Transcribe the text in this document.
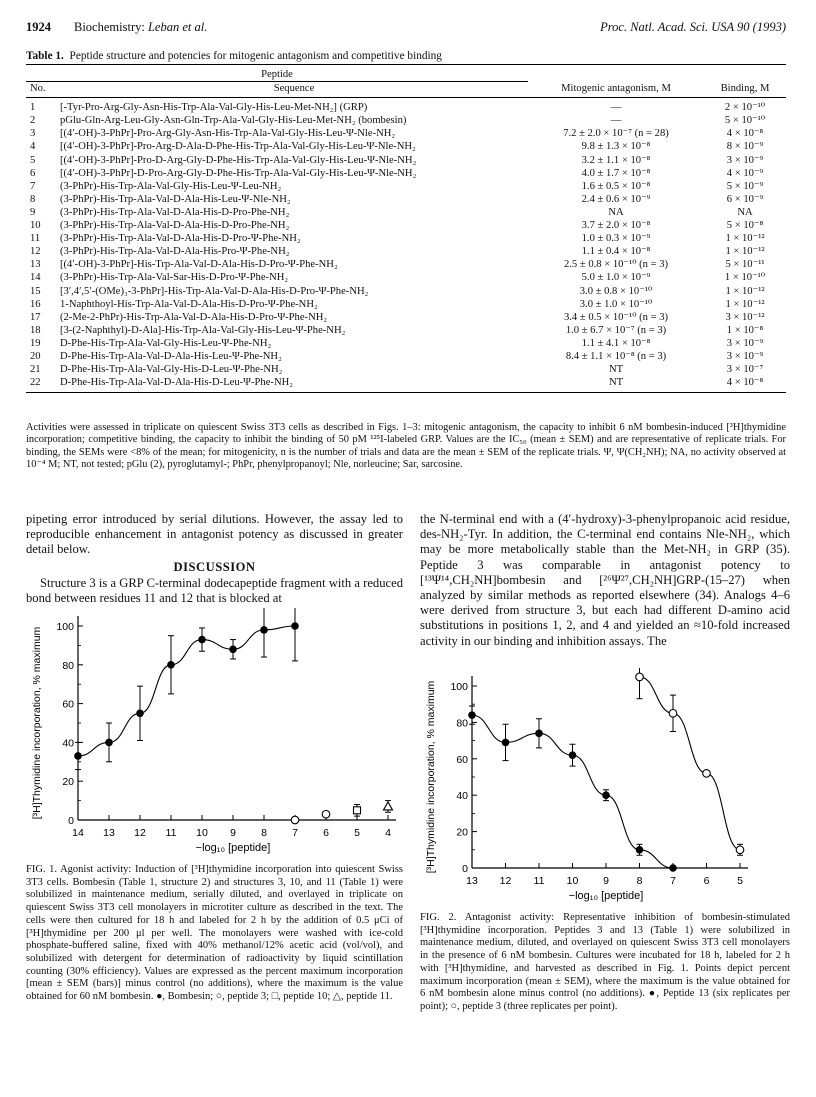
1924 Biochemistry: Leban et al.	Proc. Natl. Acad. Sci. USA 90 (1993)
Table 1. Peptide structure and potencies for mitogenic antagonism and competitive binding
Peptide			
No.	Sequence	Mitogenic antagonism, M	Binding, M
1	[-Tyr-Pro-Arg-Gly-Asn-His-Trp-Ala-Val-Gly-His-Leu-Met-NH₂] (GRP)	—	2 × 10⁻¹⁰
2	pGlu-Gln-Arg-Leu-Gly-Asn-Gln-Trp-Ala-Val-Gly-His-Leu-Met-NH₂ (bombesin)	—	5 × 10⁻¹⁰
3	[(4′-OH)-3-PhPr]-Pro-Arg-Gly-Asn-His-Trp-Ala-Val-Gly-His-Leu-Ψ-Nle-NH₂	7.2 ± 2.0 × 10⁻⁷ (n = 28)	4 × 10⁻⁸
4	[(4′-OH)-3-PhPr]-Pro-Arg-D-Ala-D-Phe-His-Trp-Ala-Val-Gly-His-Leu-Ψ-Nle-NH₂	9.8 ± 1.3 × 10⁻⁸	8 × 10⁻⁹
5	[(4′-OH)-3-PhPr]-Pro-D-Arg-Gly-D-Phe-His-Trp-Ala-Val-Gly-His-Leu-Ψ-Nle-NH₂	3.2 ± 1.1 × 10⁻⁸	3 × 10⁻⁹
6	[(4′-OH)-3-PhPr]-D-Pro-Arg-Gly-D-Phe-His-Trp-Ala-Val-Gly-His-Leu-Ψ-Nle-NH₂	4.0 ± 1.7 × 10⁻⁸	4 × 10⁻⁹
7	(3-PhPr)-His-Trp-Ala-Val-Gly-His-Leu-Ψ-Leu-NH₂	1.6 ± 0.5 × 10⁻⁸	5 × 10⁻⁹
8	(3-PhPr)-His-Trp-Ala-Val-D-Ala-His-Leu-Ψ-Nle-NH₂	2.4 ± 0.6 × 10⁻⁹	6 × 10⁻⁹
9	(3-PhPr)-His-Trp-Ala-Val-D-Ala-His-D-Pro-Phe-NH₂	NA	NA
10	(3-PhPr)-His-Trp-Ala-Val-D-Ala-His-D-Pro-Phe-NH₂	3.7 ± 2.0 × 10⁻⁸	5 × 10⁻⁸
11	(3-PhPr)-His-Trp-Ala-Val-D-Ala-His-D-Pro-Ψ-Phe-NH₂	1.0 ± 0.3 × 10⁻⁹	1 × 10⁻¹²
12	(3-PhPr)-His-Trp-Ala-Val-D-Ala-His-Pro-Ψ-Phe-NH₂	1.1 ± 0.4 × 10⁻⁸	1 × 10⁻¹²
13	[(4′-OH)-3-PhPr]-His-Trp-Ala-Val-D-Ala-His-D-Pro-Ψ-Phe-NH₂	2.5 ± 0.8 × 10⁻¹⁰ (n = 3)	5 × 10⁻¹¹
14	(3-PhPr)-His-Trp-Ala-Val-Sar-His-D-Pro-Ψ-Phe-NH₂	5.0 ± 1.0 × 10⁻⁹	1 × 10⁻¹⁰
15	[3′,4′,5′-(OMe)₃-3-PhPr]-His-Trp-Ala-Val-D-Ala-His-D-Pro-Ψ-Phe-NH₂	3.0 ± 0.8 × 10⁻¹⁰	1 × 10⁻¹²
16	1-Naphthoyl-His-Trp-Ala-Val-D-Ala-His-D-Pro-Ψ-Phe-NH₂	3.0 ± 1.0 × 10⁻¹⁰	1 × 10⁻¹²
17	(2-Me-2-PhPr)-His-Trp-Ala-Val-D-Ala-His-D-Pro-Ψ-Phe-NH₂	3.4 ± 0.5 × 10⁻¹⁰ (n = 3)	3 × 10⁻¹²
18	[3-(2-Naphthyl)-D-Ala]-His-Trp-Ala-Val-Gly-His-Leu-Ψ-Phe-NH₂	1.0 ± 6.7 × 10⁻⁷ (n = 3)	1 × 10⁻⁸
19	D-Phe-His-Trp-Ala-Val-Gly-His-Leu-Ψ-Phe-NH₂	1.1 ± 4.1 × 10⁻⁸	3 × 10⁻⁹
20	D-Phe-His-Trp-Ala-Val-D-Ala-His-Leu-Ψ-Phe-NH₂	8.4 ± 1.1 × 10⁻⁸ (n = 3)	3 × 10⁻⁹
21	D-Phe-His-Trp-Ala-Val-Gly-His-D-Leu-Ψ-Phe-NH₂	NT	3 × 10⁻⁷
22	D-Phe-His-Trp-Ala-Val-D-Ala-His-D-Leu-Ψ-Phe-NH₂	NT	4 × 10⁻⁸
Activities were assessed in triplicate on quiescent Swiss 3T3 cells as described in Figs. 1–3: mitogenic antagonism, the capacity to inhibit 6 nM bombesin-induced [³H]thymidine incorporation; competitive binding, the capacity to inhibit the binding of 50 pM ¹²⁵I-labeled GRP. Values are the IC₅₀ (mean ± SEM) and are representative of replicate trials. For binding, the SEMs were <8% of the mean; for mitogenicity, n is the number of trials and data are the mean ± SEM of the replicate trials. Ψ, Ψ(CH₂NH); NA, no activity observed at 10⁻⁴ M; NT, not tested; pGlu (2), pyroglutamyl-; PhPr, phenylpropanoyl; Nle, norleucine; Sar, sarcosine.

pipeting error introduced by serial dilutions. However, the assay led to reproducible enhancement in antagonist potency as discussed in greater detail below.

DISCUSSION

Structure 3 is a GRP C-terminal dodecapeptide fragment with a reduced bond between residues 11 and 12 that is blocked at

the N-terminal end with a (4′-hydroxy)-3-phenylpropanoic acid residue, des-NH₂-Tyr. In addition, the C-terminal end contains Nle-NH₂, which may be more metabolically stable than the Met-NH₂ in GRP (35). Peptide 3 was comparable in antagonist potency to [¹³Ψ¹⁴,CH₂NH]bombesin and [²⁶Ψ²⁷,CH₂NH]GRP-(15–27) when analyzed by similar methods as reported elsewhere (34). Analogs 4–6 were derived from structure 3, but each had different D-amino acid substitutions in positions 1, 2, and 4 and yielded an ≈10-fold increased activity in our binding and inhibition assays. The

0
20
40
60
80
100
14 13 12 11 10 9 8 7 6 5 4
−log₁₀ [peptide]
[³H]Thymidine incorporation, % maximum
FIG. 1. Agonist activity: Induction of [³H]thymidine incorporation into quiescent Swiss 3T3 cells. Bombesin (Table 1, structure 2) and structures 3, 10, and 11 (Table 1) were solubilized in maintenance medium, serially diluted, and overlayed in triplicate on quiescent Swiss 3T3 cell monolayers in microtiter culture as described in the text. The cells were then cultured for 18 h and labeled for 2 h by the addition of 0.5 μCi of [³H]thymidine per 200 μl per well. The monolayers were washed with ice-cold phosphate-buffered saline, fixed with 40% methanol/12% acetic acid (vol/vol), and solubilized with detergent for determination of radioactivity by liquid scintillation counting (30% efficiency). Values are expressed as the percent maximum incorporation [mean ± SEM (bars)] minus control (no additions), where the maximum is the value obtained for 60 nM bombesin. ●, Bombesin; ○, peptide 3; □, peptide 10; △, peptide 11.
0
20
40
60
80
100
13 12 11 10 9	8	7	6	5
−log₁₀ [peptide]
[³H]Thymidine incorporation, % maximum
FIG. 2. Antagonist activity: Representative inhibition of bombesin-stimulated [³H]thymidine incorporation. Peptides 3 and 13 (Table 1) were solubilized in maintenance medium, diluted, and overlayed on quiescent Swiss 3T3 cell monolayers in the presence of 6 nM bombesin. Cultures were incubated for 18 h, labeled for 2 h with [³H]thymidine, and harvested as described in Fig. 1. Points depict percent maximum incorporation (mean ± SEM), where the maximum is the value obtained for 6 nM bombesin alone minus control (no additions). ●, Peptide 13 (six replicates per point); ○, peptide 3 (three replicates per point).
